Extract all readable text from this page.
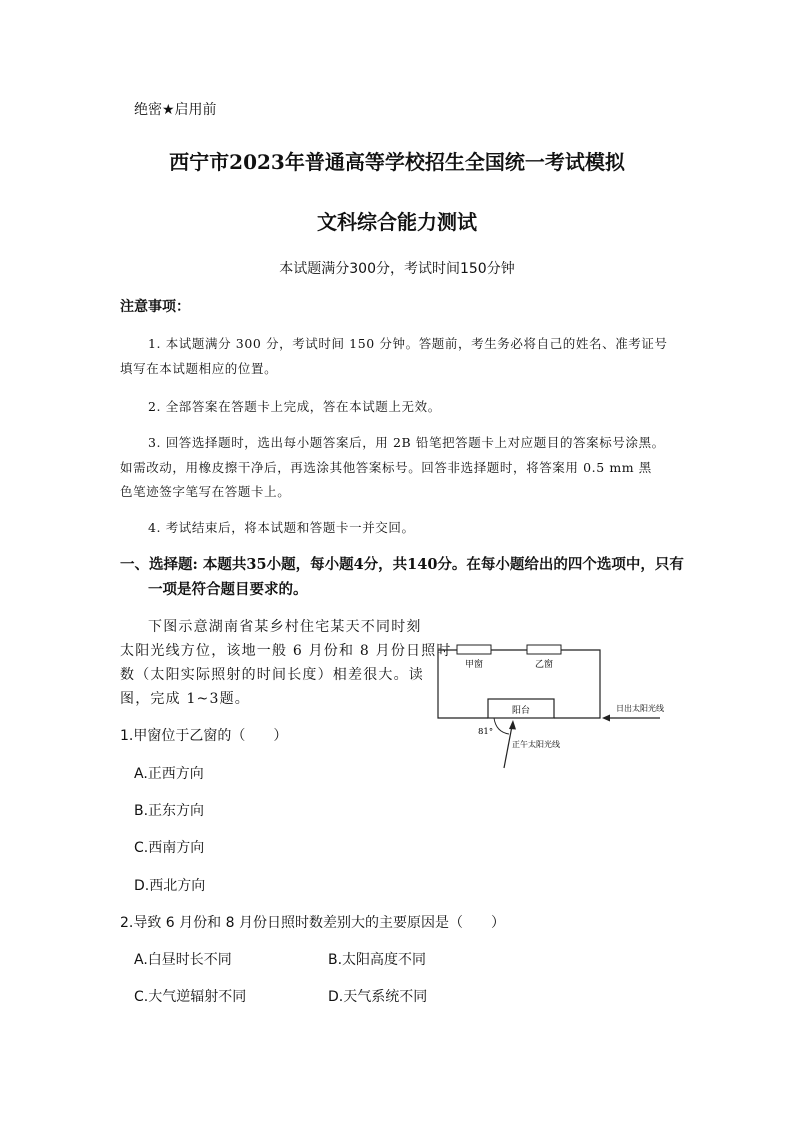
绝密★启用前
西宁市2023年普通高等学校招生全国统一考试模拟
文科综合能力测试
本试题满分300分，考试时间150分钟
注意事项：
1. 本试题满分 300 分，考试时间 150 分钟。答题前，考生务必将自己的姓名、准考证号
填写在本试题相应的位置。
2. 全部答案在答题卡上完成，答在本试题上无效。
3. 回答选择题时，选出每小题答案后，用 2B 铅笔把答题卡上对应题目的答案标号涂黑。
如需改动，用橡皮擦干净后，再选涂其他答案标号。回答非选择题时，将答案用 0.5 mm 黑
色笔迹签字笔写在答题卡上。
4. 考试结束后，将本试题和答题卡一并交回。
一、选择题: 本题共35小题，每小题4分，共140分。在每小题给出的四个选项中，只有
一项是符合题目要求的。
下图示意湖南省某乡村住宅某天不同时刻
太阳光线方位，该地一般 6 月份和 8 月份日照时
数（太阳实际照射的时间长度）相差很大。读
图，完成 1~3题。
甲窗	乙窗
阳台	日出太阳光线
正午太阳光线
81°
1.甲窗位于乙窗的（　　）
A.正西方向
B.正东方向
C.西南方向
D.西北方向
2.导致 6 月份和 8 月份日照时数差别大的主要原因是（　　）
A.白昼时长不同	B.太阳高度不同
C.大气逆辐射不同	D.天气系统不同
